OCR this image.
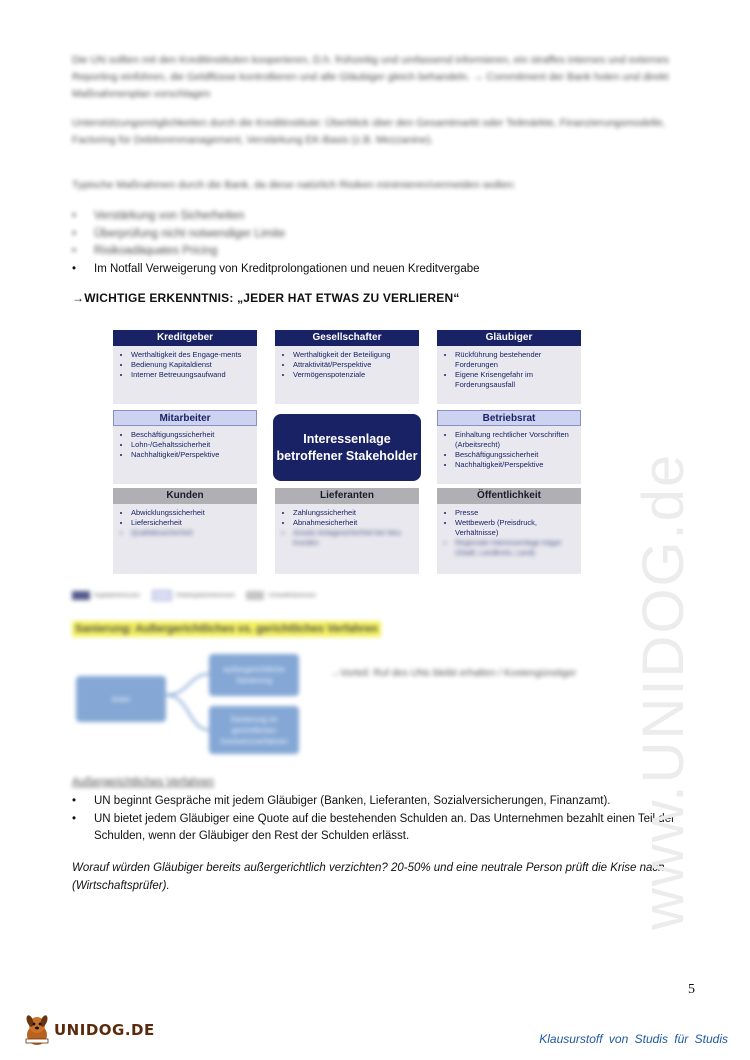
Die UN sollten mit den Kreditinstituten kooperieren, D.h. frühzeitig und umfassend informieren, ein straffes internes und externes Reporting einführen, die Geldflüsse kontrollieren und alle Gläubiger gleich behandeln. → Commitment der Bank holen und direkt Maßnahmenplan vorschlagen
Unterstützungsmöglichkeiten durch die Kreditinstitute: Überblick über den Gesamtmarkt oder Teilmärkte, Finanzierungsmodelle, Factoring für Debitorenmanagement, Verstärkung EK-Basis (z.B. Mezzanine).
Typische Maßnahmen durch die Bank, da diese natürlich Risiken minimieren/vermeiden wollen:
• Verstärkung von Sicherheiten
• Überprüfung nicht notwendiger Limite
• Risikoadäquates Pricing
• Im Notfall Verweigerung von Kreditprolongationen und neuen Kreditvergabe
→WICHTIGE ERKENNTNIS: „JEDER HAT ETWAS ZU VERLIEREN“
Kreditgeber
• Werthaltigkeit des Engage-ments
• Bedienung Kapitaldienst
• Interner Betreuungsaufwand
Gesellschafter
• Werthaltigkeit der Beteiligung
• Attraktivität/Perspektive
• Vermögenspotenziale
Gläubiger
• Rückführung bestehender Forderungen
• Eigene Krisengefahr im Forderungsausfall
Mitarbeiter
• Beschäftigungssicherheit
• Lohn-/Gehaltssicherheit
• Nachhaltigkeit/Perspektive
Interessenlage betroffener Stakeholder
Betriebsrat
• Einhaltung rechtlicher Vorschriften (Arbeitsrecht)
• Beschäftigungssicherheit
• Nachhaltigkeit/Perspektive
Kunden
• Abwicklungssicherheit
• Liefersicherheit
• Qualitätssicherheit
Lieferanten
• Zahlungssicherheit
• Abnahmesicherheit
• Ansatz Anlagesicherheit bei Neu Kunden
Öffentlichkeit
• Presse
• Wettbewerb (Preisdruck, Verhältnisse)
• Regionale Interessenlage träger (Stadt, Landkreis, Land)
Kapitalinteressen	Arbeitsplatzinteressen	Umweltinteressen
Sanierung: Außergerichtliches vs. gerichtliches Verfahren
Arten
außergerichtliche Sanierung
Sanierung im gerichtlichen Insolvenzverfahren
→Vorteil: Ruf des UNs bleibt erhalten / Kostengünstiger
Außergerichtliches Verfahren
• UN beginnt Gespräche mit jedem Gläubiger (Banken, Lieferanten, Sozialversicherungen, Finanzamt).
• UN bietet jedem Gläubiger eine Quote auf die bestehenden Schulden an. Das Unternehmen bezahlt einen Teil der Schulden, wenn der Gläubiger den Rest der Schulden erlässt.
Worauf würden Gläubiger bereits außergerichtlich verzichten? 20-50% und eine neutrale Person prüft die Krise nach (Wirtschaftsprüfer).	www.UNIDOG.de
5
UNIDOG.DE	Klausurstoff von Studis für Studis
